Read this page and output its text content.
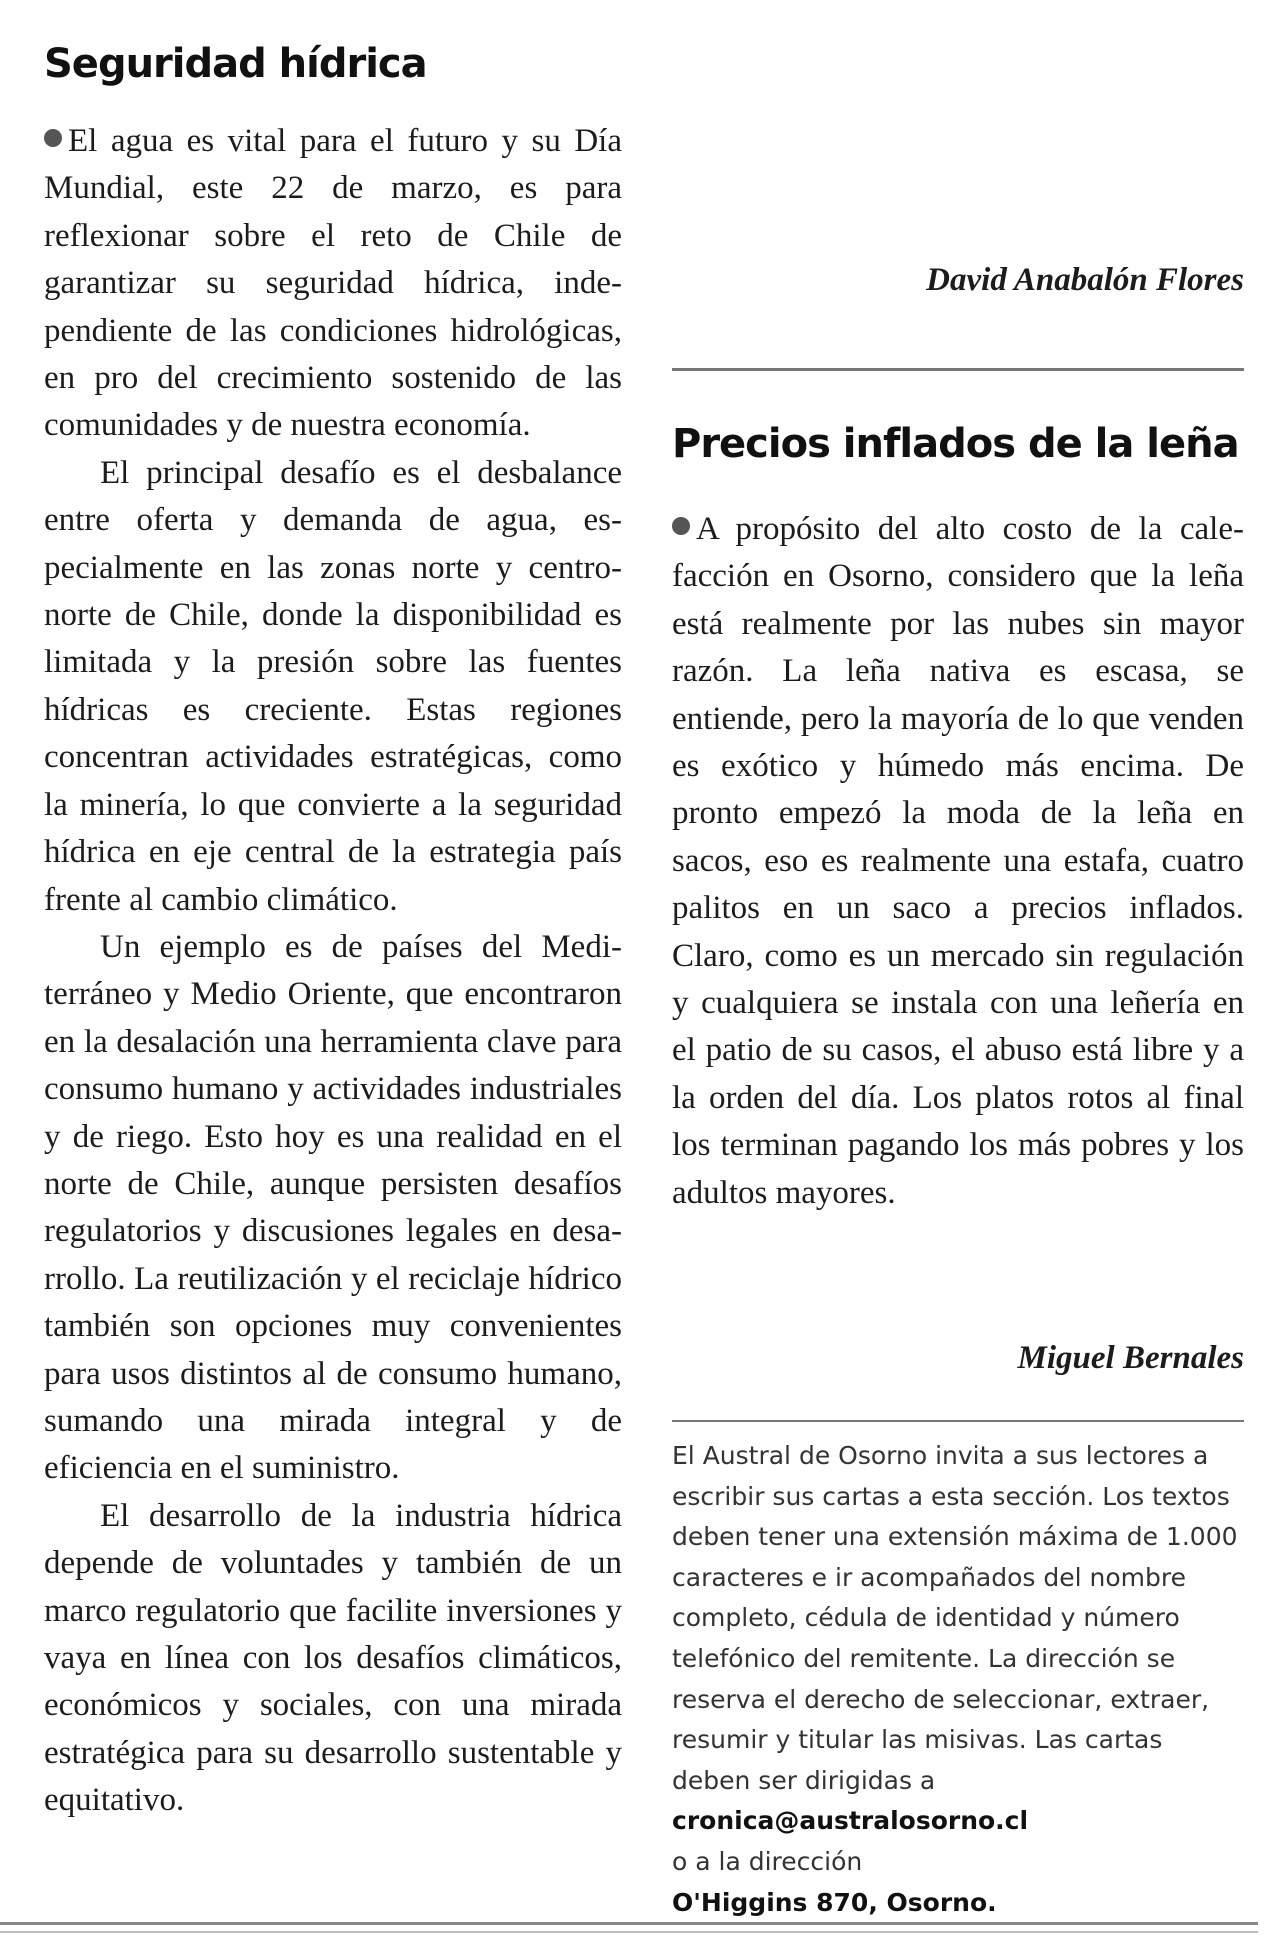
Seguridad hídrica

El agua es vital para el futuro y su Día Mundial, este 22 de marzo, es para reflexionar sobre el reto de Chile de garantizar su seguridad hídrica, independiente de las condiciones hidrológicas, en pro del crecimiento sostenido de las comunidades y de nuestra economía.

El principal desafío es el desbalance entre oferta y demanda de agua, especialmente en las zonas norte y centro-norte de Chile, donde la disponibilidad es limitada y la presión sobre las fuentes hídricas es creciente. Estas regiones concentran actividades estratégicas, como la minería, lo que convierte a la seguridad hídrica en eje central de la estrategia país frente al cambio climático.

Un ejemplo es de países del Mediterráneo y Medio Oriente, que encontraron en la desalación una herramienta clave para consumo humano y actividades industriales y de riego. Esto hoy es una realidad en el norte de Chile, aunque persisten desafíos regulatorios y discusiones legales en desarrollo. La reutilización y el reciclaje hídrico también son opciones muy convenientes para usos distintos al de consumo humano, sumando una mirada integral y de eficiencia en el suministro.

El desarrollo de la industria hídrica depende de voluntades y también de un marco regulatorio que facilite inversiones y vaya en línea con los desafíos climáticos, económicos y sociales, con una mirada estratégica para su desarrollo sustentable y equitativo.

David Anabalón Flores

Precios inflados de la leña

A propósito del alto costo de la calefacción en Osorno, considero que la leña está realmente por las nubes sin mayor razón. La leña nativa es escasa, se entiende, pero la mayoría de lo que venden es exótico y húmedo más encima. De pronto empezó la moda de la leña en sacos, eso es realmente una estafa, cuatro palitos en un saco a precios inflados. Claro, como es un mercado sin regulación y cualquiera se instala con una leñería en el patio de su casos, el abuso está libre y a la orden del día. Los platos rotos al final los terminan pagando los más pobres y los adultos mayores.

Miguel Bernales

El Austral de Osorno invita a sus lectores a escribir sus cartas a esta sección. Los textos deben tener una extensión máxima de 1.000 caracteres e ir acompañados del nombre completo, cédula de identidad y número telefónico del remitente. La dirección se reserva el derecho de seleccionar, extraer, resumir y titular las misivas. Las cartas deben ser dirigidas a

cronica@australosorno.cl

o a la dirección

O'Higgins 870, Osorno.
